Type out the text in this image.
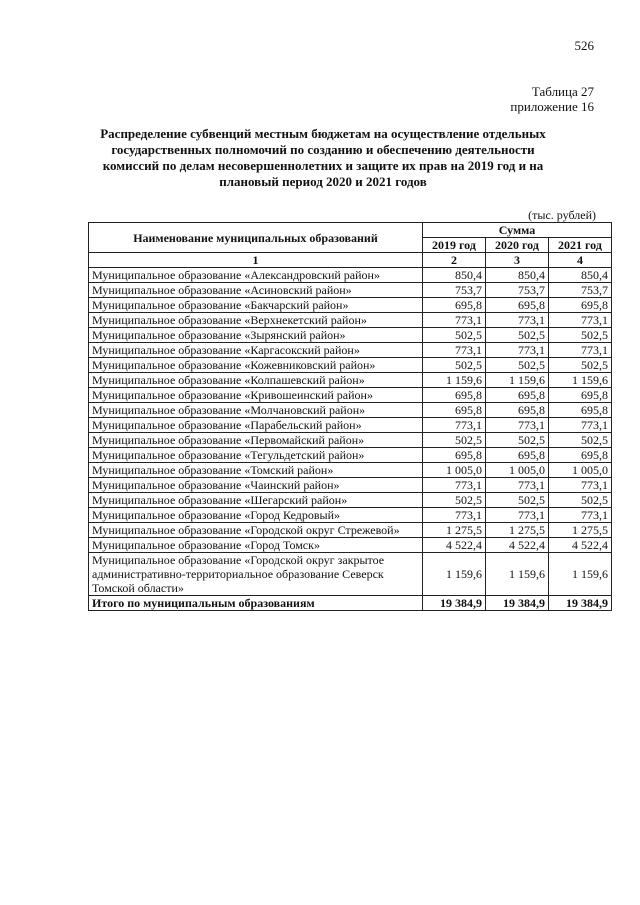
526
Таблица 27
приложение 16
Распределение субвенций местным бюджетам на осуществление отдельных государственных полномочий по созданию и обеспечению деятельности комиссий по делам несовершеннолетних и защите их прав на 2019 год и на плановый период 2020 и 2021 годов
(тыс. рублей)
Наименование муниципальных образований	Сумма		
	2019 год	2020 год	2021 год
1	2	3	4
Муниципальное образование «Александровский район»	850,4	850,4	850,4
Муниципальное образование «Асиновский район»	753,7	753,7	753,7
Муниципальное образование «Бакчарский район»	695,8	695,8	695,8
Муниципальное образование «Верхнекетский район»	773,1	773,1	773,1
Муниципальное образование «Зырянский район»	502,5	502,5	502,5
Муниципальное образование «Каргасокский район»	773,1	773,1	773,1
Муниципальное образование «Кожевниковский район»	502,5	502,5	502,5
Муниципальное образование «Колпашевский район»	1 159,6	1 159,6	1 159,6
Муниципальное образование «Кривошеинский район»	695,8	695,8	695,8
Муниципальное образование «Молчановский район»	695,8	695,8	695,8
Муниципальное образование «Парабельский район»	773,1	773,1	773,1
Муниципальное образование «Первомайский район»	502,5	502,5	502,5
Муниципальное образование «Тегульдетский район»	695,8	695,8	695,8
Муниципальное образование «Томский район»	1 005,0	1 005,0	1 005,0
Муниципальное образование «Чаинский район»	773,1	773,1	773,1
Муниципальное образование «Шегарский район»	502,5	502,5	502,5
Муниципальное образование «Город Кедровый»	773,1	773,1	773,1
Муниципальное образование «Городской округ Стрежевой»	1 275,5	1 275,5	1 275,5
Муниципальное образование «Город Томск»	4 522,4	4 522,4	4 522,4
Муниципальное образование «Городской округ закрытое административно-территориальное образование Северск Томской области»	1 159,6	1 159,6	1 159,6
Итого по муниципальным образованиям	19 384,9	19 384,9	19 384,9
